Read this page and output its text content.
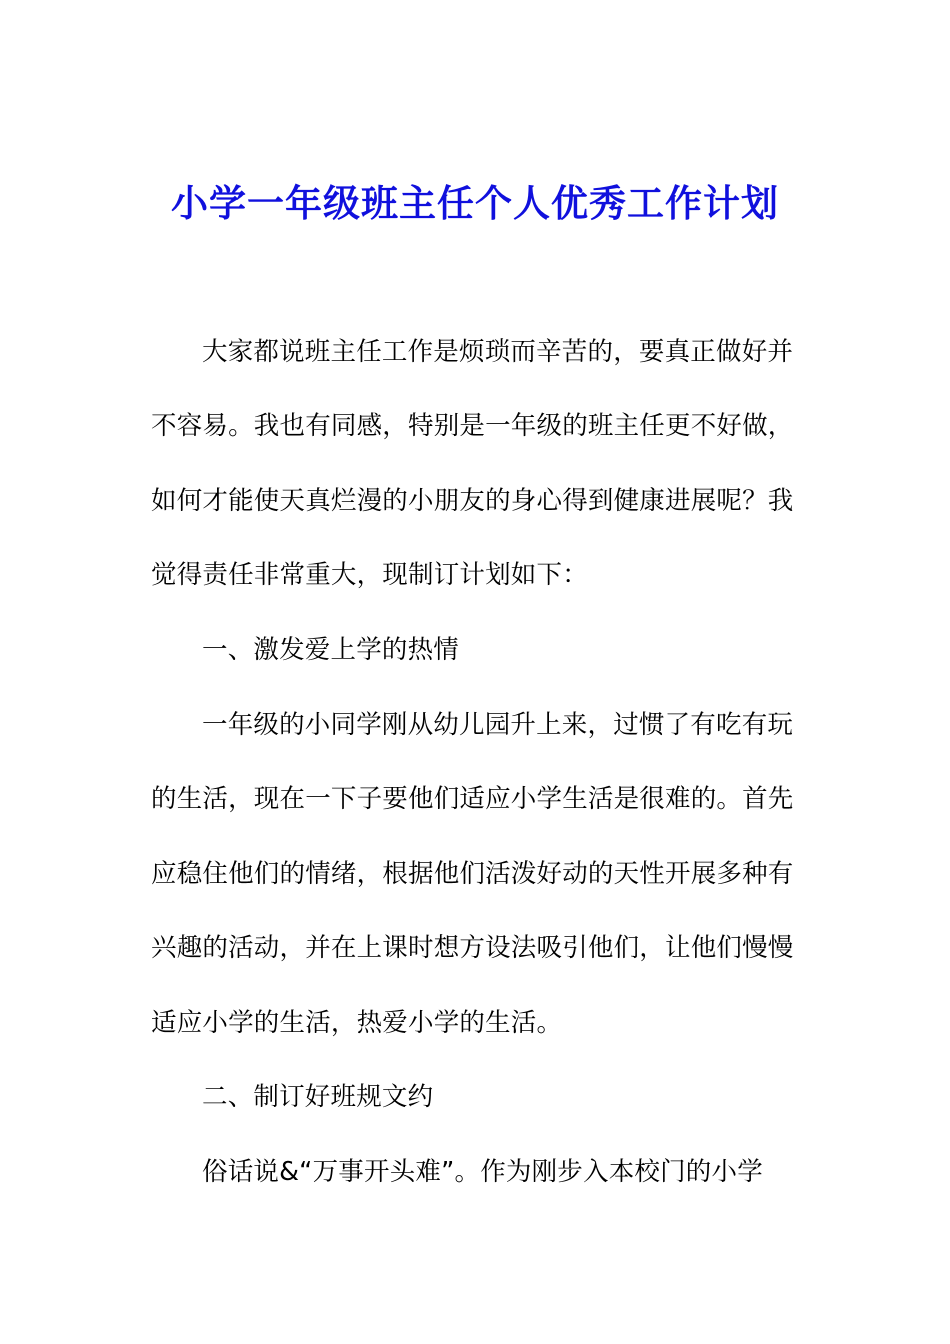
小学一年级班主任个人优秀工作计划
大家都说班主任工作是烦琐而辛苦的，要真正做好并
不容易。我也有同感，特别是一年级的班主任更不好做，
如何才能使天真烂漫的小朋友的身心得到健康进展呢？我
觉得责任非常重大，现制订计划如下：
一、激发爱上学的热情
一年级的小同学刚从幼儿园升上来，过惯了有吃有玩
的生活，现在一下子要他们适应小学生活是很难的。首先
应稳住他们的情绪，根据他们活泼好动的天性开展多种有
兴趣的活动，并在上课时想方设法吸引他们，让他们慢慢
适应小学的生活，热爱小学的生活。
二、制订好班规文约
俗话说&“万事开头难”。作为刚步入本校门的小学
